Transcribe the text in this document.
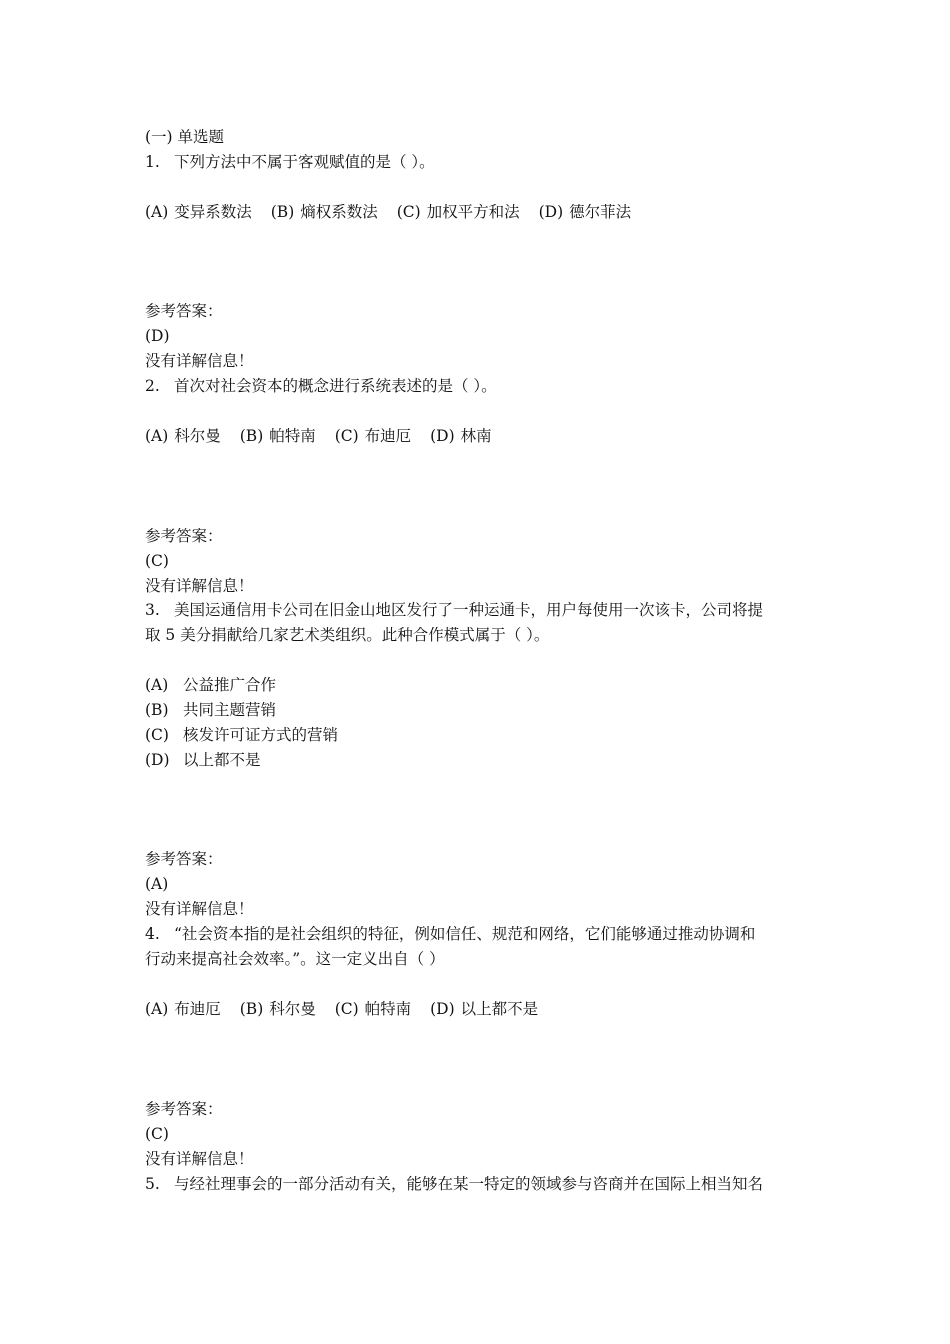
(一) 单选题
1. 下列方法中不属于客观赋值的是（ ）。
(A) 变异系数法 (B) 熵权系数法 (C) 加权平方和法 (D) 德尔菲法
参考答案：
(D)
没有详解信息！
2. 首次对社会资本的概念进行系统表述的是（ ）。
(A) 科尔曼 (B) 帕特南 (C) 布迪厄 (D) 林南
参考答案：
(C)
没有详解信息！
3. 美国运通信用卡公司在旧金山地区发行了一种运通卡，用户每使用一次该卡，公司将提
取 5 美分捐献给几家艺术类组织。此种合作模式属于（ ）。
(A) 公益推广合作
(B) 共同主题营销
(C) 核发许可证方式的营销
(D) 以上都不是
参考答案：
(A)
没有详解信息！
4. “社会资本指的是社会组织的特征，例如信任、规范和网络，它们能够通过推动协调和
行动来提高社会效率。”。这一定义出自（ ）
(A) 布迪厄 (B) 科尔曼 (C) 帕特南 (D) 以上都不是
参考答案：
(C)
没有详解信息！
5. 与经社理事会的一部分活动有关，能够在某一特定的领域参与咨商并在国际上相当知名
